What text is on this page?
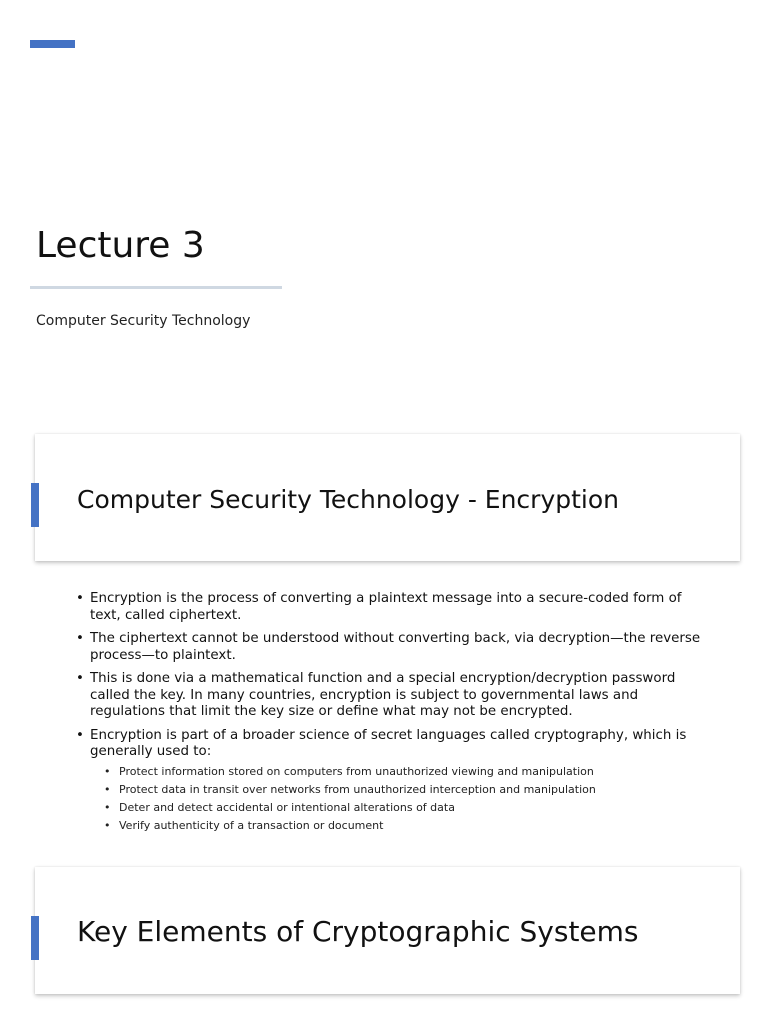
Lecture 3
Computer Security Technology
Computer Security Technology - Encryption
• Encryption is the process of converting a plaintext message into a secure-coded form of text, called ciphertext.
• The ciphertext cannot be understood without converting back, via decryption—the reverse process—to plaintext.
• This is done via a mathematical function and a special encryption/decryption password called the key. In many countries, encryption is subject to governmental laws and regulations that limit the key size or define what may not be encrypted.
• Encryption is part of a broader science of secret languages called cryptography, which is generally used to:
• Protect information stored on computers from unauthorized viewing and manipulation
• Protect data in transit over networks from unauthorized interception and manipulation
• Deter and detect accidental or intentional alterations of data
• Verify authenticity of a transaction or document
Key Elements of Cryptographic Systems
